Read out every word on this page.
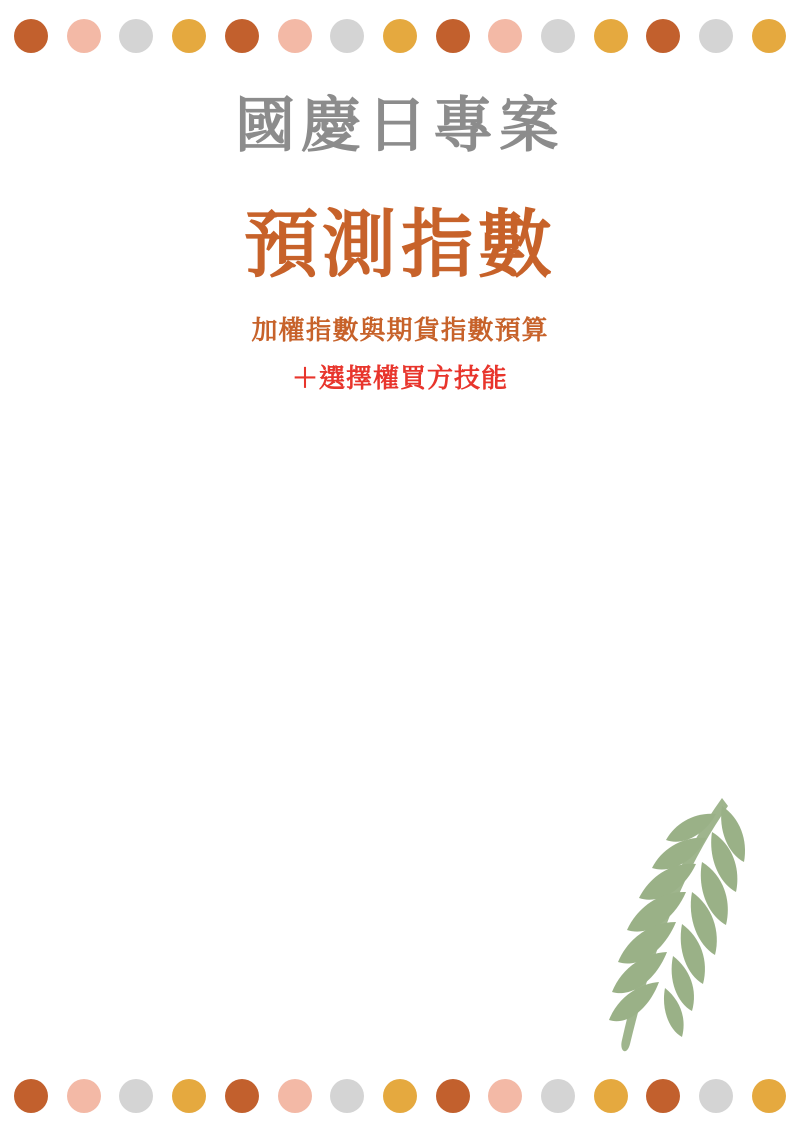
國慶日專案
預測指數
加權指數與期貨指數預算
＋選擇權買方技能
